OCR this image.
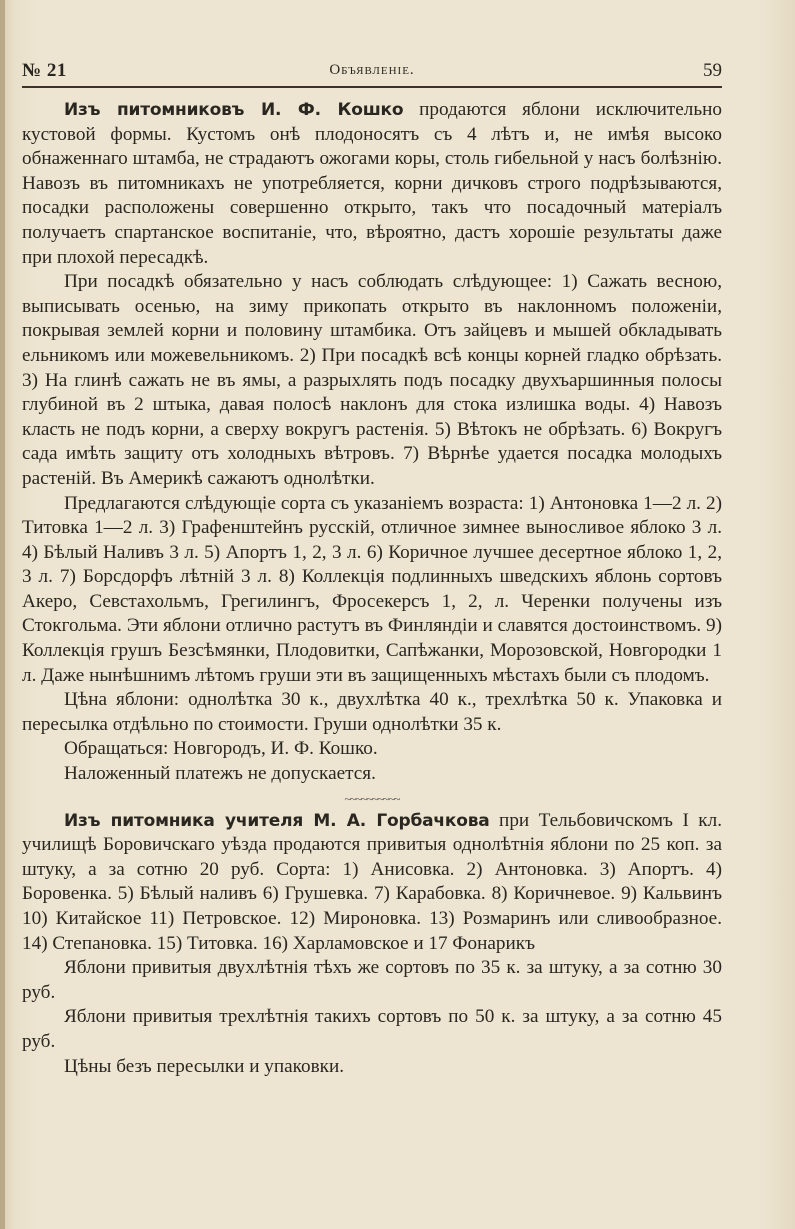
№ 21	Объявленіе.	59

Изъ питомниковъ И. Ф. Кошко продаются яблони исключительно кустовой формы. Кустомъ онѣ плодоносятъ съ 4 лѣтъ и, не имѣя высоко обнаженнаго штамба, не страдаютъ ожогами коры, столь гибельной у насъ болѣзнію. Навозъ въ питомникахъ не употребляется, корни дичковъ строго подрѣзываются, посадки расположены совершенно открыто, такъ что посадочный матеріалъ получаетъ спартанское воспитаніе, что, вѣроятно, дастъ хорошіе результаты даже при плохой пересадкѣ.

При посадкѣ обязательно у насъ соблюдать слѣдующее: 1) Сажать весною, выписывать осенью, на зиму прикопать открыто въ наклонномъ положеніи, покрывая землей корни и половину штамбика. Отъ зайцевъ и мышей обкладывать ельникомъ или можевельникомъ. 2) При посадкѣ всѣ концы корней гладко обрѣзать. 3) На глинѣ сажать не въ ямы, а разрыхлять подъ посадку двухъаршинныя полосы глубиной въ 2 штыка, давая полосѣ наклонъ для стока излишка воды. 4) Навозъ класть не подъ корни, а сверху вокругъ растенія. 5) Вѣтокъ не обрѣзать. 6) Вокругъ сада имѣть защиту отъ холодныхъ вѣтровъ. 7) Вѣрнѣе удается посадка молодыхъ растеній. Въ Америкѣ сажаютъ однолѣтки.

Предлагаются слѣдующіе сорта съ указаніемъ возраста: 1) Антоновка 1—2 л. 2) Титовка 1—2 л. 3) Графенштейнъ русскій, отличное зимнее выносливое яблоко 3 л. 4) Бѣлый Наливъ 3 л. 5) Апортъ 1, 2, 3 л. 6) Коричное лучшее десертное яблоко 1, 2, 3 л. 7) Борсдорфъ лѣтній 3 л. 8) Коллекція подлинныхъ шведскихъ яблонь сортовъ Акеро, Севстахольмъ, Грегилингъ, Фросекерсъ 1, 2, л. Черенки получены изъ Стокгольма. Эти яблони отлично растутъ въ Финляндіи и славятся достоинствомъ. 9) Коллекція грушъ Безсѣмянки, Плодовитки, Сапѣжанки, Морозовской, Новгородки 1 л. Даже нынѣшнимъ лѣтомъ груши эти въ защищенныхъ мѣстахъ были съ плодомъ.

Цѣна яблони: однолѣтка 30 к., двухлѣтка 40 к., трехлѣтка 50 к. Упаковка и пересылка отдѣльно по стоимости. Груши однолѣтки 35 к.

Обращаться: Новгородъ, И. Ф. Кошко.

Наложенный платежъ не допускается.

~~~~~~~~~~

Изъ питомника учителя М. А. Горбачкова при Тельбовичскомъ I кл. училищѣ Боровичскаго уѣзда продаются привитыя однолѣтнія яблони по 25 коп. за штуку, а за сотню 20 руб. Сорта: 1) Анисовка. 2) Антоновка. 3) Апортъ. 4) Боровенка. 5) Бѣлый наливъ 6) Грушевка. 7) Карабовка. 8) Коричневое. 9) Кальвинъ 10) Китайское 11) Петровское. 12) Мироновка. 13) Розмаринъ или сливообразное. 14) Степановка. 15) Титовка. 16) Харламовское и 17 Фонарикъ

Яблони привитыя двухлѣтнія тѣхъ же сортовъ по 35 к. за штуку, а за сотню 30 руб.

Яблони привитыя трехлѣтнія такихъ сортовъ по 50 к. за штуку, а за сотню 45 руб.

Цѣны безъ пересылки и упаковки.
